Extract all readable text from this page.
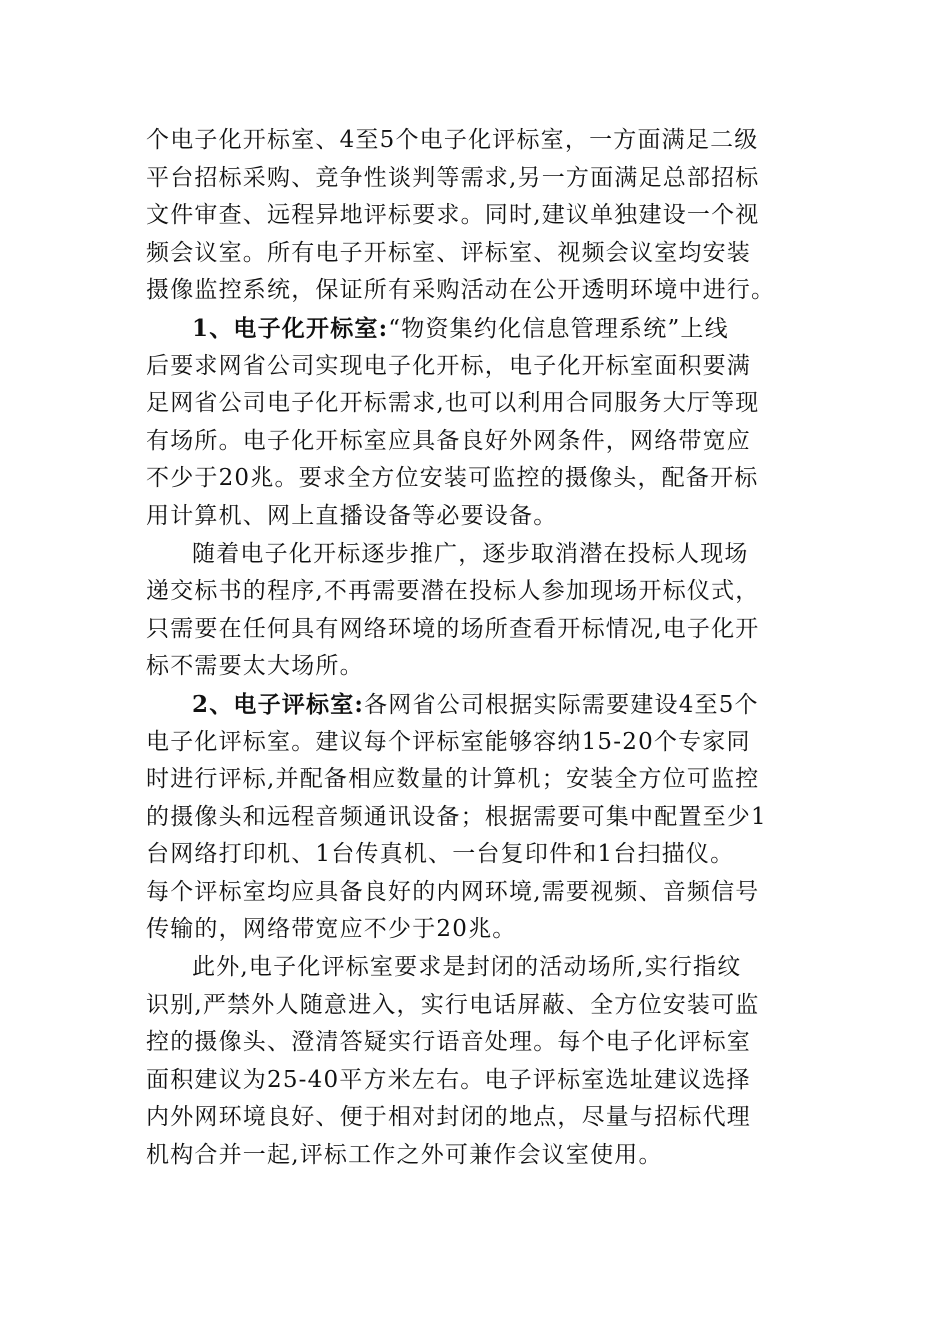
个电子化开标室、4至5个电子化评标室，一方面满足二级
平台招标采购、竞争性谈判等需求,另一方面满足总部招标
文件审查、远程异地评标要求。同时,建议单独建设一个视
频会议室。所有电子开标室、评标室、视频会议室均安装
摄像监控系统，保证所有采购活动在公开透明环境中进行。
1、电子化开标室:“物资集约化信息管理系统”上线
后要求网省公司实现电子化开标，电子化开标室面积要满
足网省公司电子化开标需求,也可以利用合同服务大厅等现
有场所。电子化开标室应具备良好外网条件，网络带宽应
不少于20兆。要求全方位安装可监控的摄像头，配备开标
用计算机、网上直播设备等必要设备。
随着电子化开标逐步推广，逐步取消潜在投标人现场
递交标书的程序,不再需要潜在投标人参加现场开标仪式，
只需要在任何具有网络环境的场所查看开标情况,电子化开
标不需要太大场所。
2、电子评标室:各网省公司根据实际需要建设4至5个
电子化评标室。建议每个评标室能够容纳15-20个专家同
时进行评标,并配备相应数量的计算机；安装全方位可监控
的摄像头和远程音频通讯设备；根据需要可集中配置至少1
台网络打印机、1台传真机、一台复印件和1台扫描仪。
每个评标室均应具备良好的内网环境,需要视频、音频信号
传输的，网络带宽应不少于20兆。
此外,电子化评标室要求是封闭的活动场所,实行指纹
识别,严禁外人随意进入，实行电话屏蔽、全方位安装可监
控的摄像头、澄清答疑实行语音处理。每个电子化评标室
面积建议为25-40平方米左右。电子评标室选址建议选择
内外网环境良好、便于相对封闭的地点，尽量与招标代理
机构合并一起,评标工作之外可兼作会议室使用。
